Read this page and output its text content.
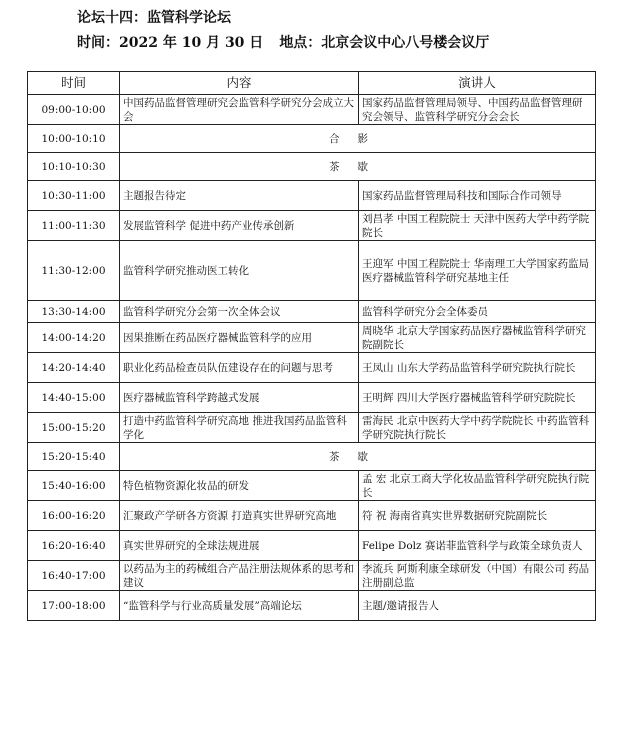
论坛十四：监管科学论坛
时间：2022 年 10 月 30 日 地点：北京会议中心八号楼会议厅
时间	内容	演讲人
09:00-10:00	中国药品监督管理研究会监管科学研究分会成立大会	国家药品监督管理局领导、中国药品监督管理研究会领导、监管科学研究分会会长
10:00-10:10	合影	
10:10-10:30	茶歇	
10:30-11:00	主题报告待定	国家药品监督管理局科技和国际合作司领导
11:00-11:30	发展监管科学 促进中药产业传承创新	刘昌孝 中国工程院院士 天津中医药大学中药学院院长
11:30-12:00	监管科学研究推动医工转化	王迎军 中国工程院院士 华南理工大学国家药监局医疗器械监管科学研究基地主任
13:30-14:00	监管科学研究分会第一次全体会议	监管科学研究分会全体委员
14:00-14:20	因果推断在药品医疗器械监管科学的应用	周晓华 北京大学国家药品医疗器械监管科学研究院副院长
14:20-14:40	职业化药品检查员队伍建设存在的问题与思考	王凤山 山东大学药品监管科学研究院执行院长
14:40-15:00	医疗器械监管科学跨越式发展	王明辉 四川大学医疗器械监管科学研究院院长
15:00-15:20	打造中药监管科学研究高地 推进我国药品监管科学化	雷海民 北京中医药大学中药学院院长 中药监管科学研究院执行院长
15:20-15:40	茶歇	
15:40-16:00	特色植物资源化妆品的研发	孟 宏 北京工商大学化妆品监管科学研究院执行院长
16:00-16:20	汇聚政产学研各方资源 打造真实世界研究高地	符 祝 海南省真实世界数据研究院副院长
16:20-16:40	真实世界研究的全球法规进展	Felipe Dolz 赛诺菲监管科学与政策全球负责人
16:40-17:00	以药品为主的药械组合产品注册法规体系的思考和建议	李流兵 阿斯利康全球研发（中国）有限公司 药品注册副总监
17:00-18:00	“监管科学与行业高质量发展”高端论坛	主题/邀请报告人
